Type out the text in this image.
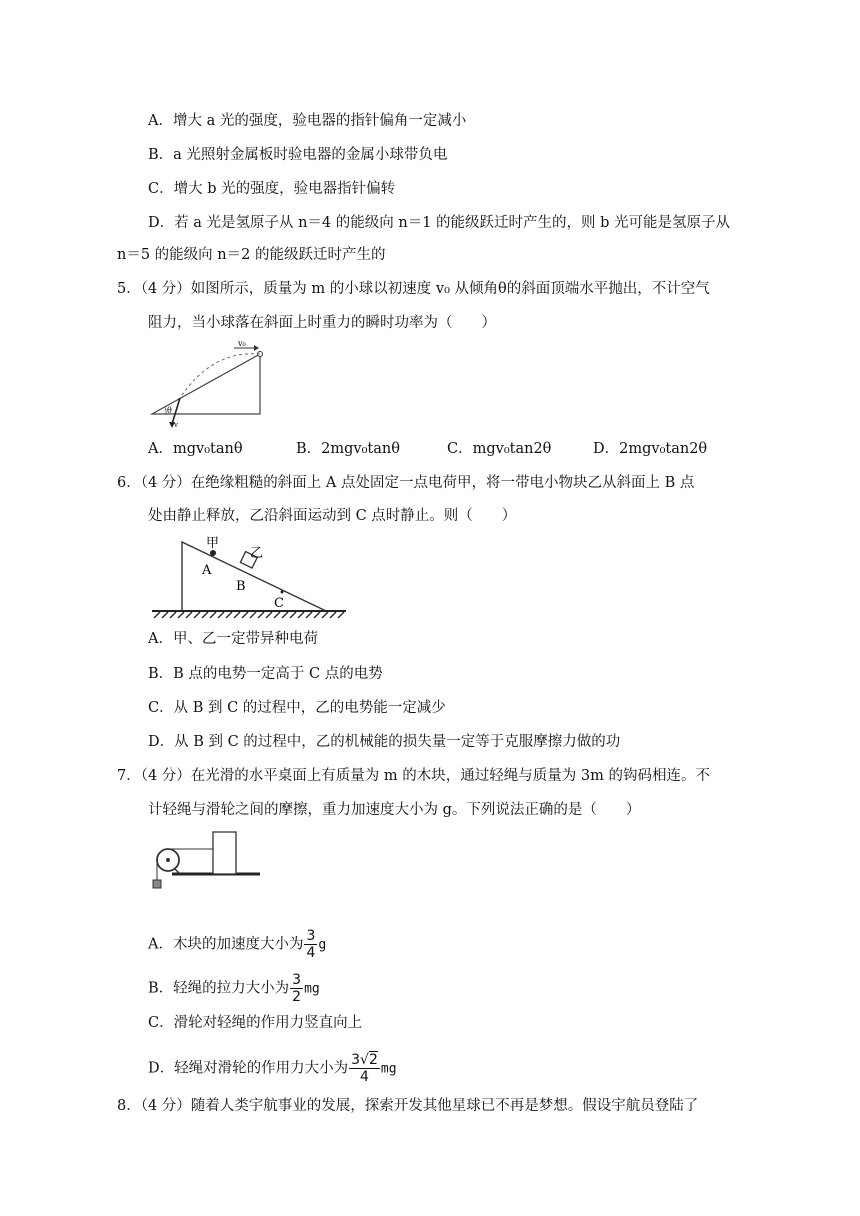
A．增大 a 光的强度，验电器的指针偏角一定减小
B．a 光照射金属板时验电器的金属小球带负电
C．增大 b 光的强度，验电器指针偏转
D．若 a 光是氢原子从 n＝4 的能级向 n＝1 的能级跃迁时产生的，则 b 光可能是氢原子从
n＝5 的能级向 n＝2 的能级跃迁时产生的
5．（4 分）如图所示，质量为 m 的小球以初速度 v₀ 从倾角θ的斜面顶端水平抛出，不计空气
阻力，当小球落在斜面上时重力的瞬时功率为（　　）
v₀
v
θ
A．mgv₀tanθ	B．2mgv₀tanθ	C．mgv₀tan2θ	D．2mgv₀tan2θ
6．（4 分）在绝缘粗糙的斜面上 A 点处固定一点电荷甲，将一带电小物块乙从斜面上 B 点
处由静止释放，乙沿斜面运动到 C 点时静止。则（　　）
甲
A
乙
B
C
A．甲、乙一定带异种电荷
B．B 点的电势一定高于 C 点的电势
C．从 B 到 C 的过程中，乙的电势能一定减少
D．从 B 到 C 的过程中，乙的机械能的损失量一定等于克服摩擦力做的功
7．（4 分）在光滑的水平桌面上有质量为 m 的木块，通过轻绳与质量为 3m 的钩码相连。不
计轻绳与滑轮之间的摩擦，重力加速度大小为 g。下列说法正确的是（　　）
A．木块的加速度大小为 $\frac{3}{4}$ g
B．轻绳的拉力大小为 $\frac{3}{2}$ mg
C．滑轮对轻绳的作用力竖直向上
D．轻绳对滑轮的作用力大小为 $\frac{3√2}{4}$ mg
8．（4 分）随着人类宇航事业的发展，探索开发其他星球已不再是梦想。假设宇航员登陆了
